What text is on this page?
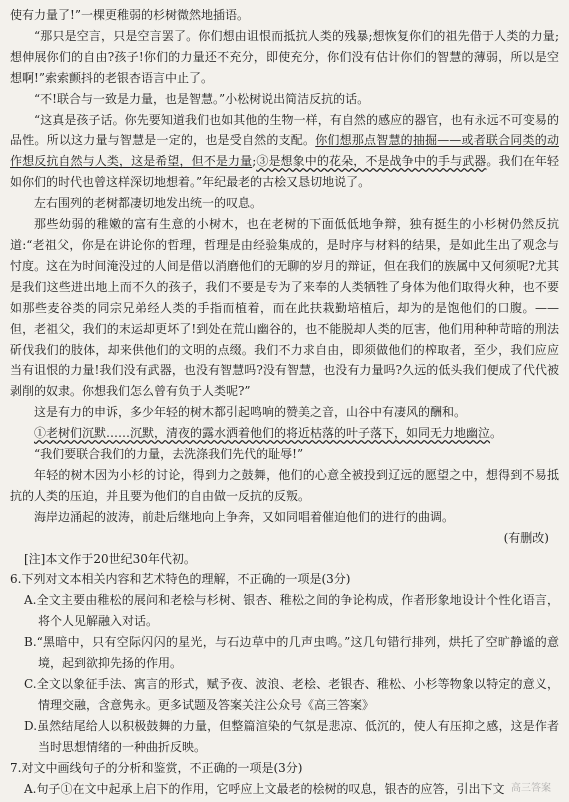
使有力量了!”一棵更稚弱的杉树微然地插语。

“那只是空言，只是空言罢了。你们想由诅恨而抵抗人类的残暴;想恢复你们的祖先借于人类的力量;想伸展你们的自由?孩子!你们的力量还不充分，即使充分，你们没有估计你们的智慧的薄弱，所以是空想啊!”索索颤抖的老银杏语言中止了。

“不!联合与一致是力量，也是智慧。”小松树说出简洁反抗的话。

“这真是孩子话。你先要知道我们也如其他的生物一样，有自然的感应的器官，也有永远不可变易的品性。所以这力量与智慧是一定的，也是受自然的支配。你们想那点智慧的抽掘——或者联合同类的动作想反抗自然与人类，这是希望，但不是力量;③是想象中的花朵，不是战争中的手与武器。我们在年轻如你们的时代也曾这样深切地想着。”年纪最老的古桧又恳切地说了。

左右围列的老树都凄切地发出统一的叹息。

那些幼弱的稚嫩的富有生意的小树木，也在老树的下面低低地争辩，独有挺生的小杉树仍然反抗道:“老祖父，你是在讲论你的哲理，哲理是由经验集成的，是时序与材料的结果，是如此生出了观念与忖度。这在为时间淹没过的人间是借以消磨他们的无聊的岁月的辩证，但在我们的族属中又何须呢?尤其是我们这些进出地上而不久的孩子，我们不要是专为了来奉的人类牺牲了身体为他们取得火种，也不要如那些麦谷类的同宗兄弟经人类的手指而植着，而在此扶栽勤培植后，却为的是饱他们的口腹。——但，老祖父，我们的末运却更坏了!到处在荒山幽谷的，也不能脱却人类的厄害，他们用种种苛暗的刑法斫伐我们的肢体，却来供他们的文明的点缀。我们不力求自由，即须做他们的榨取者，至少，我们应应当有诅恨的力量!我们没有武器，也没有智慧吗?没有智慧，也没有力量吗?久远的低头我们便成了代代被剥削的奴隶。你想我们怎么曾有负于人类呢?”

这是有力的申诉，多少年轻的树木都引起鸣响的赞美之音，山谷中有凄风的酬和。

①老树们沉默……沉默，清夜的露水洒着他们的将近枯落的叶子落下，如同无力地幽泣。

“我们要联合我们的力量，去洗涤我们先代的耻辱!”

年轻的树木因为小杉的讨论，得到力之鼓舞，他们的心意全被投到辽远的愿望之中，想得到不易抵抗的人类的压迫，并且要为他们的自由做一反抗的反叛。

海岸边涌起的波涛，前赴后继地向上争奔，又如同唱着催迫他们的进行的曲调。

(有删改)

[注]本文作于20世纪30年代初。

6.下列对文本相关内容和艺术特色的理解，不正确的一项是(3分)

A.全文主要由稚松的展问和老桧与杉树、银杏、稚松之间的争论构成，作者形象地设计个性化语言，将个人见解融入对话。

B.“黑暗中，只有空际闪闪的星光，与石边草中的几声虫鸣。”这几句错行排列，烘托了空旷静谧的意境，起到欲抑先扬的作用。

C.全文以象征手法、寓言的形式，赋予夜、波浪、老桧、老银杏、稚松、小杉等物象以特定的意义，情理交融，含意隽永。更多试题及答案关注公众号《高三答案》

D.虽然结尾给人以积极鼓舞的力量，但整篇渲染的气氛是悲凉、低沉的，使人有压抑之感，这是作者当时思想情绪的一种曲折反映。

7.对文中画线句子的分析和鉴赏，不正确的一项是(3分)

A.句子①在文中起承上启下的作用，它呼应上文最老的桧树的叹息，银杏的应答，引出下文 高三答案
